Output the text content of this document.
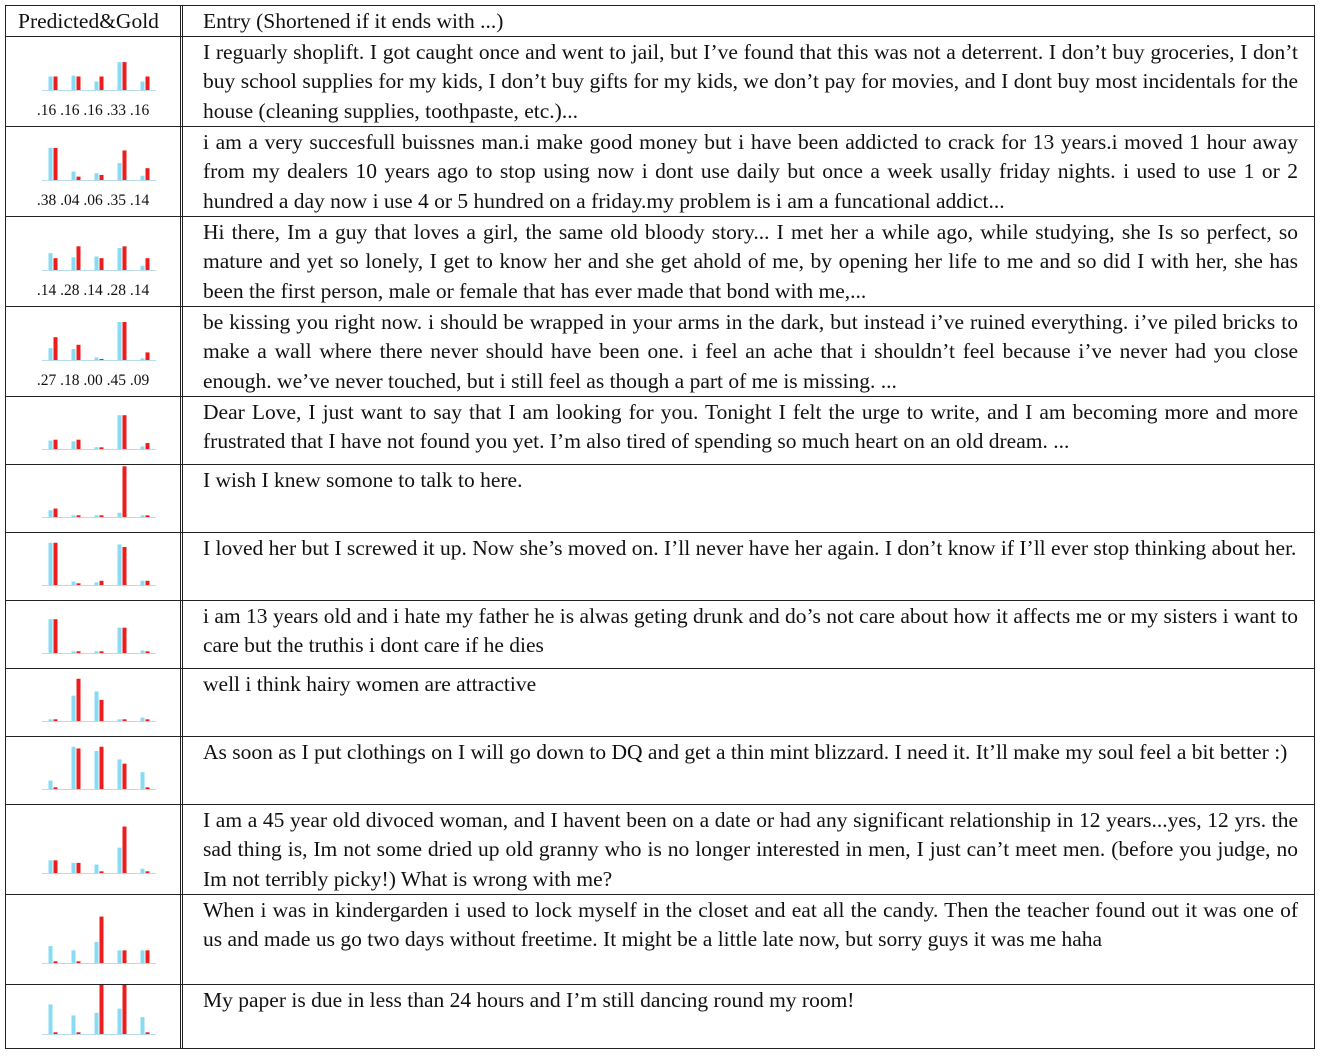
Predicted&Gold Entry (Shortened if it ends with ...)
.16 .16 .16 .33 .16
I reguarly shoplift. I got caught once and went to jail, but I’ve found that this was not a deterrent. I don’t buy groceries, I don’t buy school supplies for my kids, I don’t buy gifts for my kids, we don’t pay for movies, and I dont buy most incidentals for the house (cleaning supplies, toothpaste, etc.)...
.38 .04 .06 .35 .14
i am a very succesfull buissnes man.i make good money but i have been addicted to crack for 13 years.i moved 1 hour away from my dealers 10 years ago to stop using now i dont use daily but once a week usally friday nights. i used to use 1 or 2 hundred a day now i use 4 or 5 hundred on a friday.my problem is i am a funcational addict...
.14 .28 .14 .28 .14
Hi there, Im a guy that loves a girl, the same old bloody story... I met her a while ago, while studying, she Is so perfect, so mature and yet so lonely, I get to know her and she get ahold of me, by opening her life to me and so did I with her, she has been the first person, male or female that has ever made that bond with me,...
.27 .18 .00 .45 .09
be kissing you right now. i should be wrapped in your arms in the dark, but instead i’ve ruined everything. i’ve piled bricks to make a wall where there never should have been one. i feel an ache that i shouldn’t feel because i’ve never had you close enough. we’ve never touched, but i still feel as though a part of me is missing. ...
Dear Love, I just want to say that I am looking for you. Tonight I felt the urge to write, and I am becoming more and more frustrated that I have not found you yet. I’m also tired of spending so much heart on an old dream. ...
I wish I knew somone to talk to here.
I loved her but I screwed it up. Now she’s moved on. I’ll never have her again. I don’t know if I’ll ever stop thinking about her.
i am 13 years old and i hate my father he is alwas geting drunk and do’s not care about how it affects me or my sisters i want to care but the truthis i dont care if he dies
well i think hairy women are attractive
As soon as I put clothings on I will go down to DQ and get a thin mint blizzard. I need it. It’ll make my soul feel a bit better :)
I am a 45 year old divoced woman, and I havent been on a date or had any significant relationship in 12 years...yes, 12 yrs. the sad thing is, Im not some dried up old granny who is no longer interested in men, I just can’t meet men. (before you judge, no Im not terribly picky!) What is wrong with me?
When i was in kindergarden i used to lock myself in the closet and eat all the candy. Then the teacher found out it was one of us and made us go two days without freetime. It might be a little late now, but sorry guys it was me haha
My paper is due in less than 24 hours and I’m still dancing round my room!
